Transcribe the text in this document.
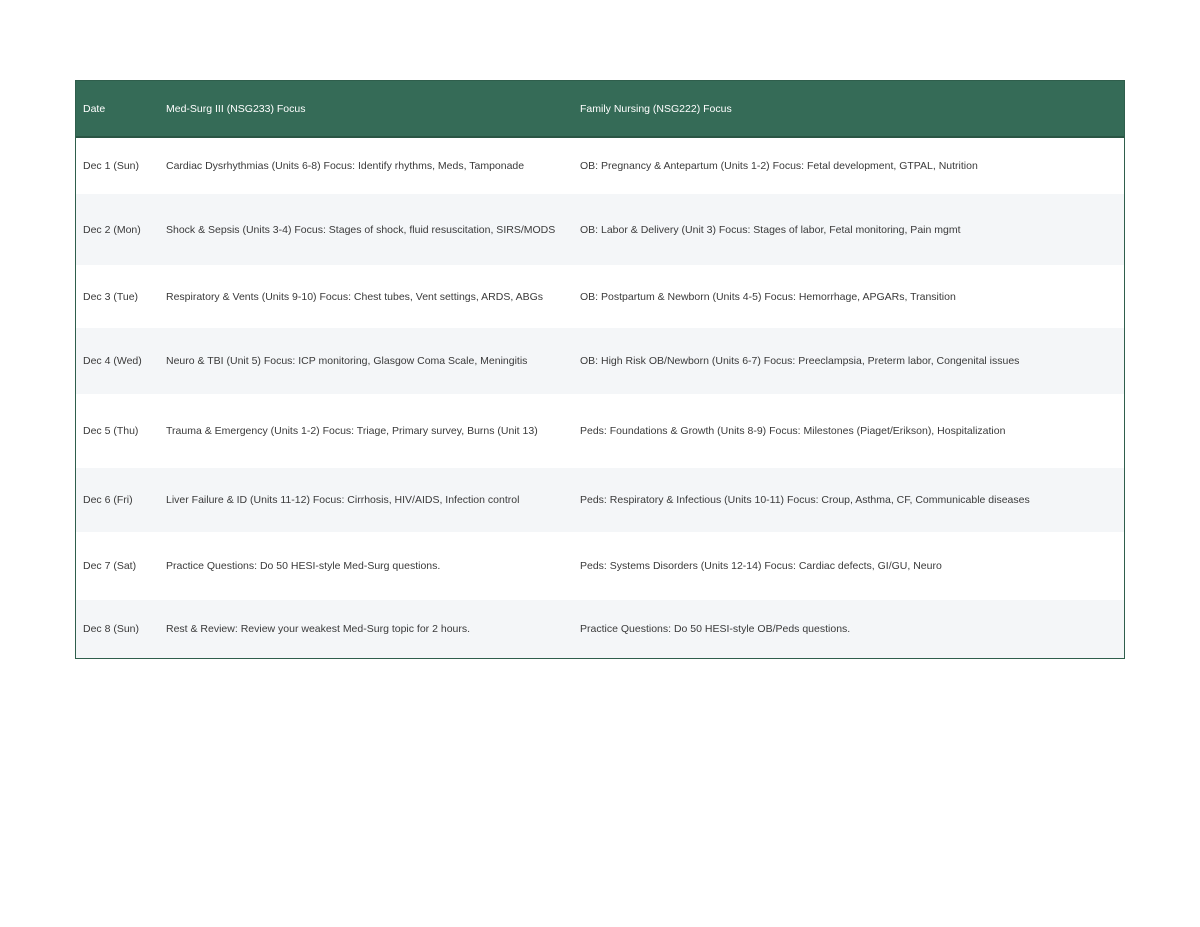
Date	Med-Surg III (NSG233) Focus	Family Nursing (NSG222) Focus
Dec 1 (Sun)	Cardiac Dysrhythmias (Units 6-8) Focus: Identify rhythms, Meds, Tamponade	OB: Pregnancy & Antepartum (Units 1-2) Focus: Fetal development, GTPAL, Nutrition
Dec 2 (Mon)	Shock & Sepsis (Units 3-4) Focus: Stages of shock, fluid resuscitation, SIRS/MODS	OB: Labor & Delivery (Unit 3) Focus: Stages of labor, Fetal monitoring, Pain mgmt
Dec 3 (Tue)	Respiratory & Vents (Units 9-10) Focus: Chest tubes, Vent settings, ARDS, ABGs	OB: Postpartum & Newborn (Units 4-5) Focus: Hemorrhage, APGARs, Transition
Dec 4 (Wed)	Neuro & TBI (Unit 5) Focus: ICP monitoring, Glasgow Coma Scale, Meningitis	OB: High Risk OB/Newborn (Units 6-7) Focus: Preeclampsia, Preterm labor, Congenital issues
Dec 5 (Thu)	Trauma & Emergency (Units 1-2) Focus: Triage, Primary survey, Burns (Unit 13)	Peds: Foundations & Growth (Units 8-9) Focus: Milestones (Piaget/Erikson), Hospitalization
Dec 6 (Fri)	Liver Failure & ID (Units 11-12) Focus: Cirrhosis, HIV/AIDS, Infection control	Peds: Respiratory & Infectious (Units 10-11) Focus: Croup, Asthma, CF, Communicable diseases
Dec 7 (Sat)	Practice Questions: Do 50 HESI-style Med-Surg questions.	Peds: Systems Disorders (Units 12-14) Focus: Cardiac defects, GI/GU, Neuro
Dec 8 (Sun)	Rest & Review: Review your weakest Med-Surg topic for 2 hours.	Practice Questions: Do 50 HESI-style OB/Peds questions.
